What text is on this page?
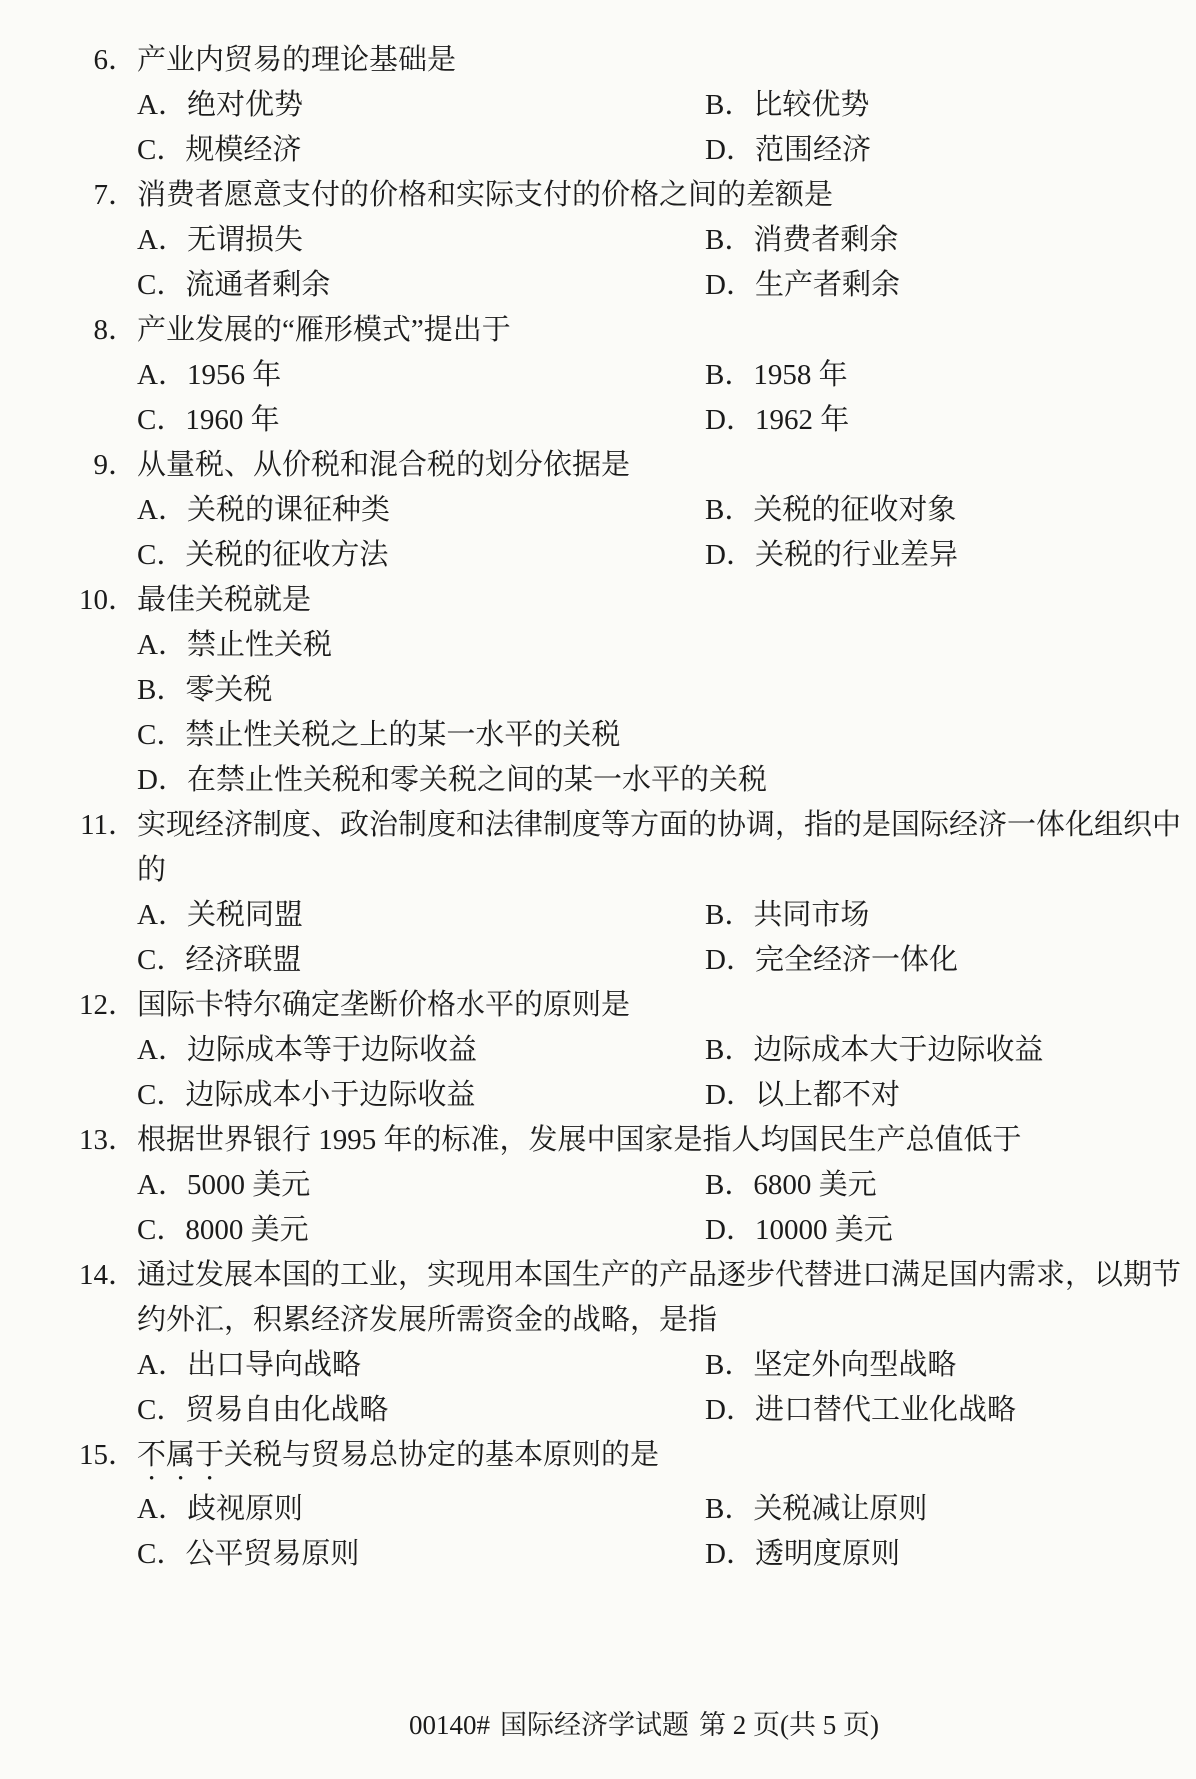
6． 产业内贸易的理论基础是
A．绝对优势	B．比较优势
C．规模经济	D．范围经济
7． 消费者愿意支付的价格和实际支付的价格之间的差额是
A．无谓损失	B．消费者剩余
C．流通者剩余	D．生产者剩余
8． 产业发展的“雁形模式”提出于
A．1956 年	B．1958 年
C．1960 年	D．1962 年
9． 从量税、从价税和混合税的划分依据是
A．关税的课征种类	B．关税的征收对象
C．关税的征收方法	D．关税的行业差异
10． 最佳关税就是
A．禁止性关税
B．零关税
C．禁止性关税之上的某一水平的关税
D．在禁止性关税和零关税之间的某一水平的关税
11． 实现经济制度、政治制度和法律制度等方面的协调，指的是国际经济一体化组织中
的
A．关税同盟	B．共同市场
C．经济联盟	D．完全经济一体化
12． 国际卡特尔确定垄断价格水平的原则是
A．边际成本等于边际收益	B．边际成本大于边际收益
C．边际成本小于边际收益	D．以上都不对
13． 根据世界银行 1995 年的标准，发展中国家是指人均国民生产总值低于
A．5000 美元	B．6800 美元
C．8000 美元	D．10000 美元
14． 通过发展本国的工业，实现用本国生产的产品逐步代替进口满足国内需求，以期节
约外汇，积累经济发展所需资金的战略，是指
A．出口导向战略	B．坚定外向型战略
C．贸易自由化战略	D．进口替代工业化战略
15． 不属于关税与贸易总协定的基本原则的是
A．歧视原则	B．关税减让原则
C．公平贸易原则	D．透明度原则
00140# 国际经济学试题 第 2 页(共 5 页)
